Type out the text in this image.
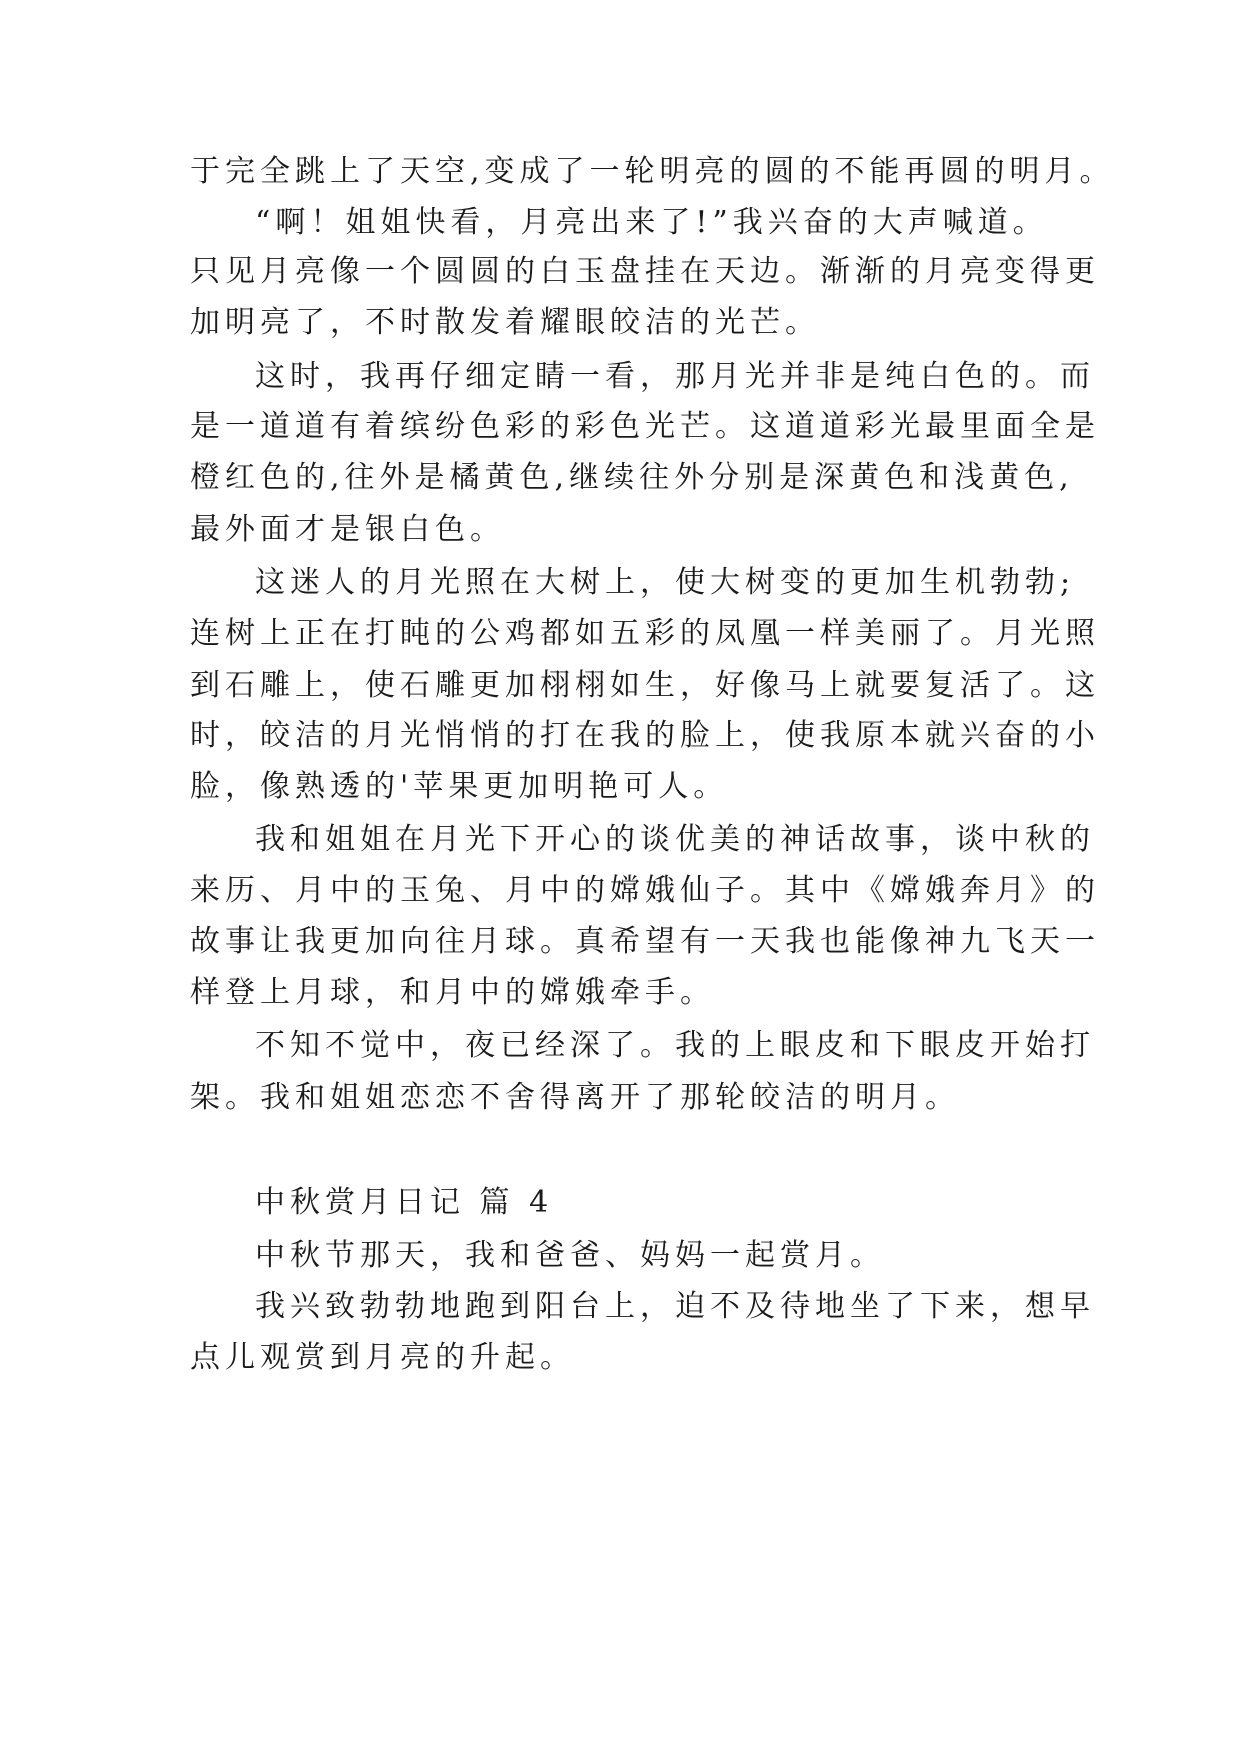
于完全跳上了天空,变成了一轮明亮的圆的不能再圆的明月。
“啊！姐姐快看，月亮出来了!”我兴奋的大声喊道。
只见月亮像一个圆圆的白玉盘挂在天边。渐渐的月亮变得更
加明亮了，不时散发着耀眼皎洁的光芒。
这时，我再仔细定睛一看，那月光并非是纯白色的。而
是一道道有着缤纷色彩的彩色光芒。这道道彩光最里面全是
橙红色的,往外是橘黄色,继续往外分别是深黄色和浅黄色,
最外面才是银白色。
这迷人的月光照在大树上，使大树变的更加生机勃勃;
连树上正在打盹的公鸡都如五彩的凤凰一样美丽了。月光照
到石雕上，使石雕更加栩栩如生，好像马上就要复活了。这
时，皎洁的月光悄悄的打在我的脸上，使我原本就兴奋的小
脸，像熟透的'苹果更加明艳可人。
我和姐姐在月光下开心的谈优美的神话故事，谈中秋的
来历、月中的玉兔、月中的嫦娥仙子。其中《嫦娥奔月》的
故事让我更加向往月球。真希望有一天我也能像神九飞天一
样登上月球，和月中的嫦娥牵手。
不知不觉中，夜已经深了。我的上眼皮和下眼皮开始打
架。我和姐姐恋恋不舍得离开了那轮皎洁的明月。
中秋赏月日记 篇 4
中秋节那天，我和爸爸、妈妈一起赏月。
我兴致勃勃地跑到阳台上，迫不及待地坐了下来，想早
点儿观赏到月亮的升起。
